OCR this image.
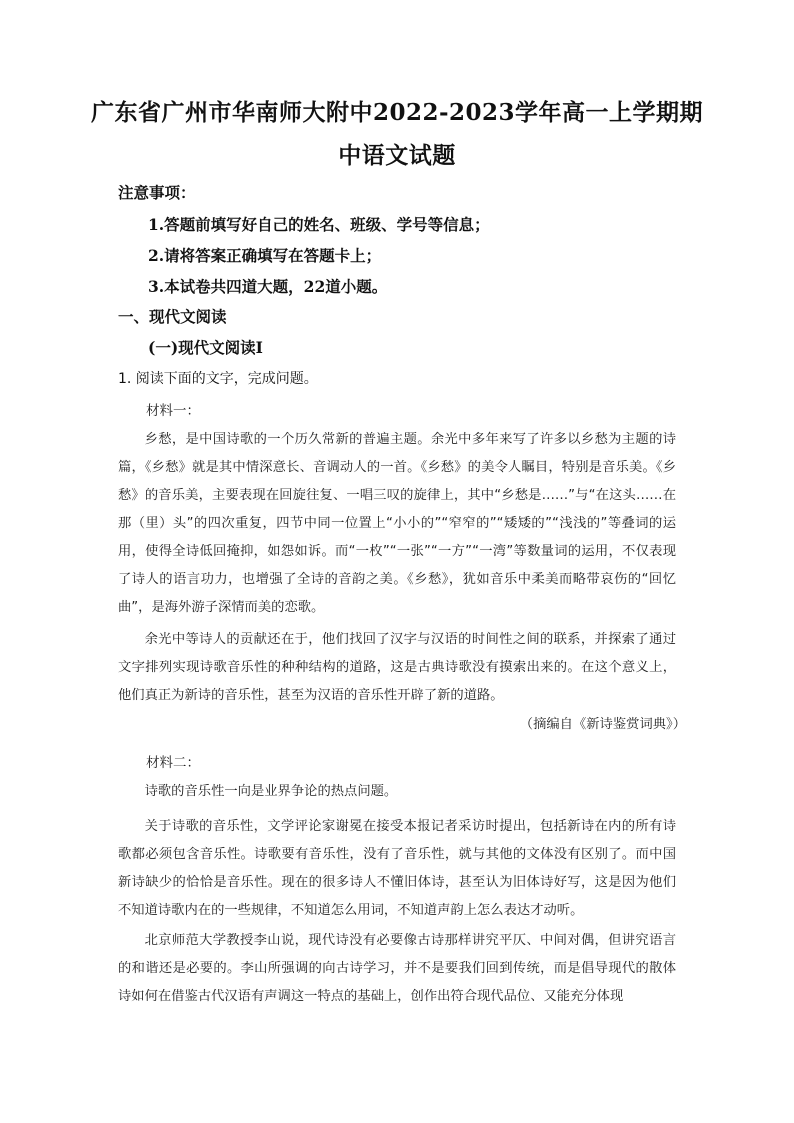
广东省广州市华南师大附中2022-2023学年高一上学期期
中语文试题
注意事项：
1.答题前填写好自己的姓名、班级、学号等信息；
2.请将答案正确填写在答题卡上；
3.本试卷共四道大题，22道小题。
一、现代文阅读
(一)现代文阅读Ⅰ
1. 阅读下面的文字，完成问题。
材料一：
乡愁，是中国诗歌的一个历久常新的普遍主题。余光中多年来写了许多以乡愁为主题的诗篇，《乡愁》就是其中情深意长、音调动人的一首。《乡愁》的美令人瞩目，特别是音乐美。《乡愁》的音乐美，主要表现在回旋往复、一唱三叹的旋律上，其中“乡愁是……”与“在这头……在那（里）头”的四次重复，四节中同一位置上“小小的”“窄窄的”“矮矮的”“浅浅的”等叠词的运用，使得全诗低回掩抑，如怨如诉。而“一枚”“一张”“一方”“一湾”等数量词的运用，不仅表现了诗人的语言功力，也增强了全诗的音韵之美。《乡愁》，犹如音乐中柔美而略带哀伤的“回忆曲”，是海外游子深情而美的恋歌。
余光中等诗人的贡献还在于，他们找回了汉字与汉语的时间性之间的联系，并探索了通过文字排列实现诗歌音乐性的种种结构的道路，这是古典诗歌没有摸索出来的。在这个意义上，他们真正为新诗的音乐性，甚至为汉语的音乐性开辟了新的道路。
（摘编自《新诗鉴赏词典》）
材料二：
诗歌的音乐性一向是业界争论的热点问题。
关于诗歌的音乐性，文学评论家谢冕在接受本报记者采访时提出，包括新诗在内的所有诗歌都必须包含音乐性。诗歌要有音乐性，没有了音乐性，就与其他的文体没有区别了。而中国新诗缺少的恰恰是音乐性。现在的很多诗人不懂旧体诗，甚至认为旧体诗好写，这是因为他们不知道诗歌内在的一些规律，不知道怎么用词，不知道声韵上怎么表达才动听。
北京师范大学教授李山说，现代诗没有必要像古诗那样讲究平仄、中间对偶，但讲究语言的和谐还是必要的。李山所强调的向古诗学习，并不是要我们回到传统，而是倡导现代的散体诗如何在借鉴古代汉语有声调这一特点的基础上，创作出符合现代品位、又能充分体现
